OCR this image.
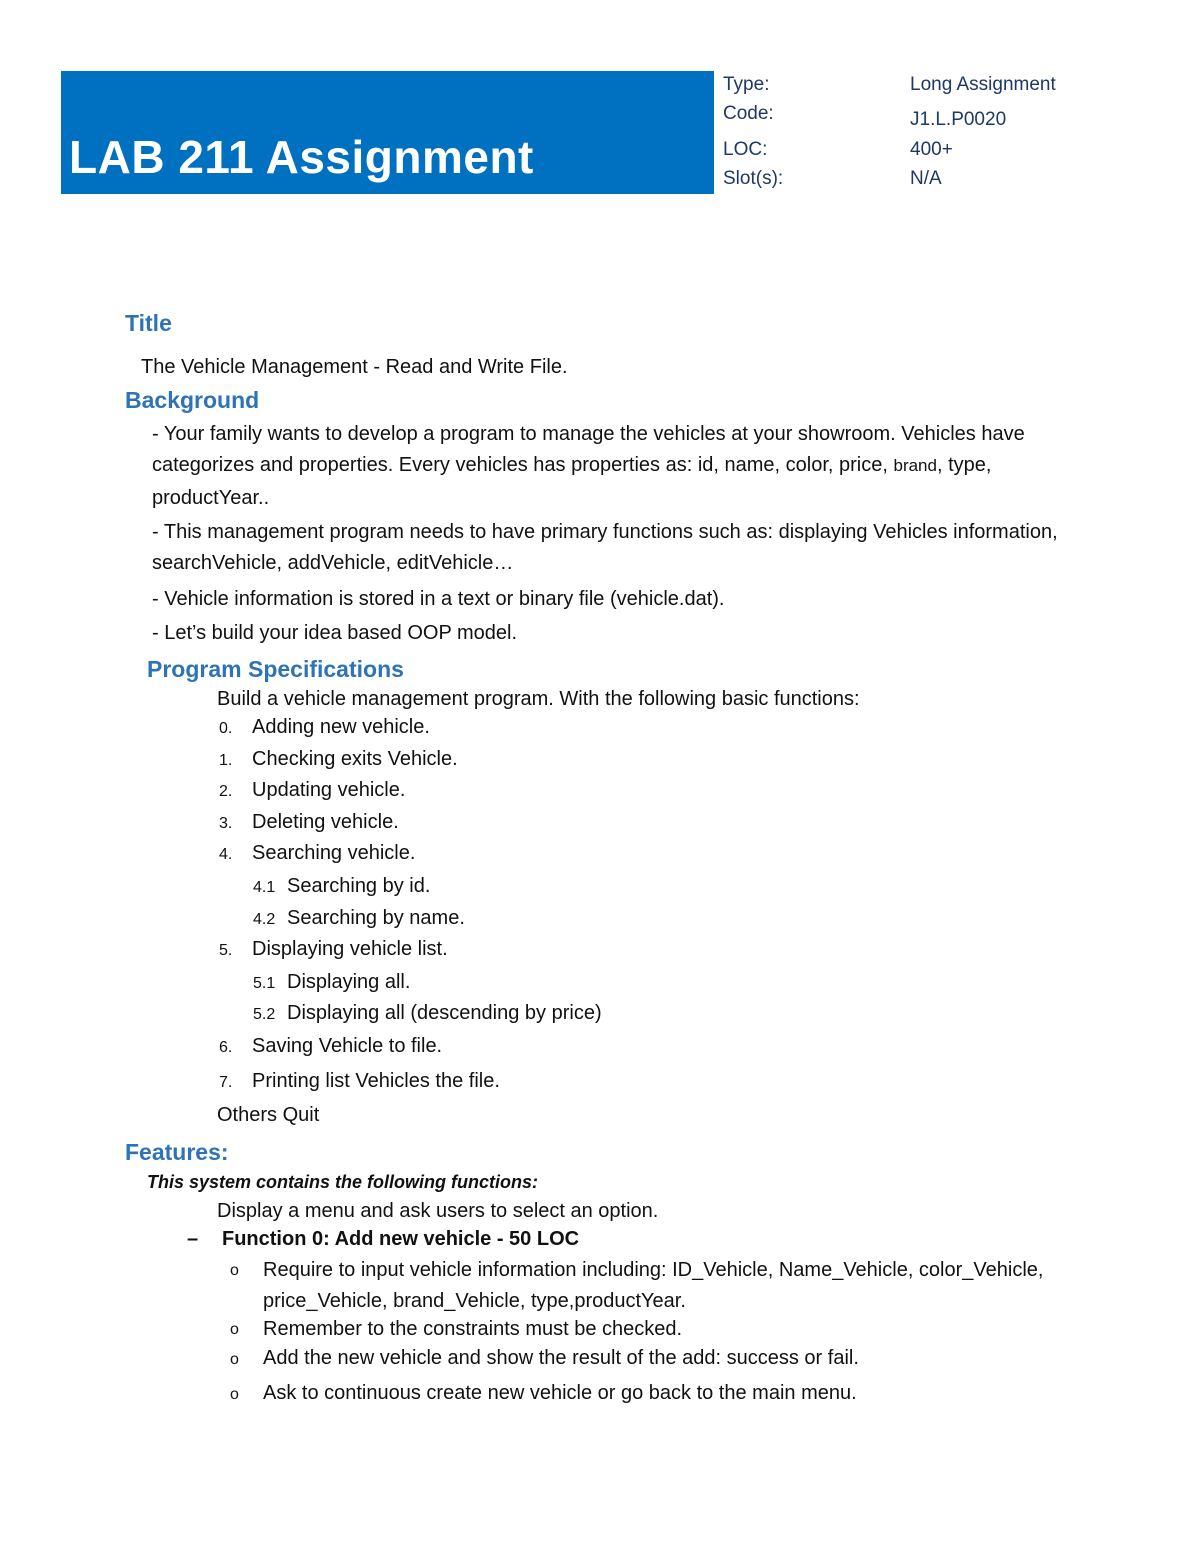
LAB 211 Assignment
Type:	Long Assignment
Code:	J1.L.P0020
LOC:	400+
Slot(s):	N/A
Title
The Vehicle Management - Read and Write File.
Background
- Your family wants to develop a program to manage the vehicles at your showroom. Vehicles have
categorizes and properties. Every vehicles has properties as: id, name, color, price, brand, type,
productYear..
- This management program needs to have primary functions such as: displaying Vehicles information,
searchVehicle, addVehicle, editVehicle…
- Vehicle information is stored in a text or binary file (vehicle.dat).
- Let’s build your idea based OOP model.
Program Specifications
Build a vehicle management program. With the following basic functions:
0. Adding new vehicle.
1. Checking exits Vehicle.
2. Updating vehicle.
3. Deleting vehicle.
4. Searching vehicle.
4.1 Searching by id.
4.2 Searching by name.
5. Displaying vehicle list.
5.1 Displaying all.
5.2 Displaying all (descending by price)
6. Saving Vehicle to file.
7. Printing list Vehicles the file.
Others Quit
Features:
This system contains the following functions:
Display a menu and ask users to select an option.
– Function 0: Add new vehicle - 50 LOC
o Require to input vehicle information including: ID_Vehicle, Name_Vehicle, color_Vehicle,
price_Vehicle, brand_Vehicle, type,productYear.
o Remember to the constraints must be checked.
o Add the new vehicle and show the result of the add: success or fail.
o Ask to continuous create new vehicle or go back to the main menu.
